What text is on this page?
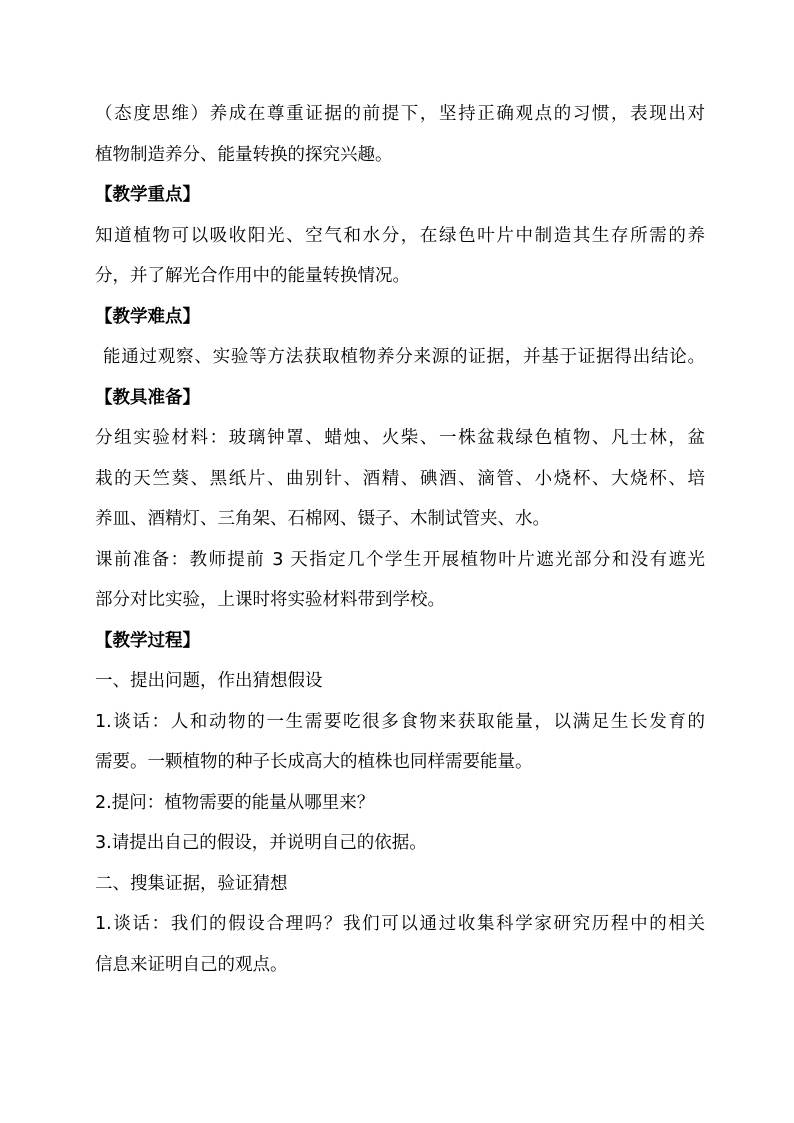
（态度思维）养成在尊重证据的前提下，坚持正确观点的习惯，表现出对
植物制造养分、能量转换的探究兴趣。
【教学重点】
知道植物可以吸收阳光、空气和水分，在绿色叶片中制造其生存所需的养
分，并了解光合作用中的能量转换情况。
【教学难点】
能通过观察、实验等方法获取植物养分来源的证据，并基于证据得出结论。
【教具准备】
分组实验材料：玻璃钟罩、蜡烛、火柴、一株盆栽绿色植物、凡士林，盆
栽的天竺葵、黑纸片、曲别针、酒精、碘酒、滴管、小烧杯、大烧杯、培
养皿、酒精灯、三角架、石棉网、镊子、木制试管夹、水。
课前准备：教师提前 3 天指定几个学生开展植物叶片遮光部分和没有遮光
部分对比实验，上课时将实验材料带到学校。
【教学过程】
一、提出问题，作出猜想假设
1.谈话：人和动物的一生需要吃很多食物来获取能量，以满足生长发育的
需要。一颗植物的种子长成高大的植株也同样需要能量。
2.提问：植物需要的能量从哪里来？
3.请提出自己的假设，并说明自己的依据。
二、搜集证据，验证猜想
1.谈话：我们的假设合理吗？我们可以通过收集科学家研究历程中的相关
信息来证明自己的观点。
